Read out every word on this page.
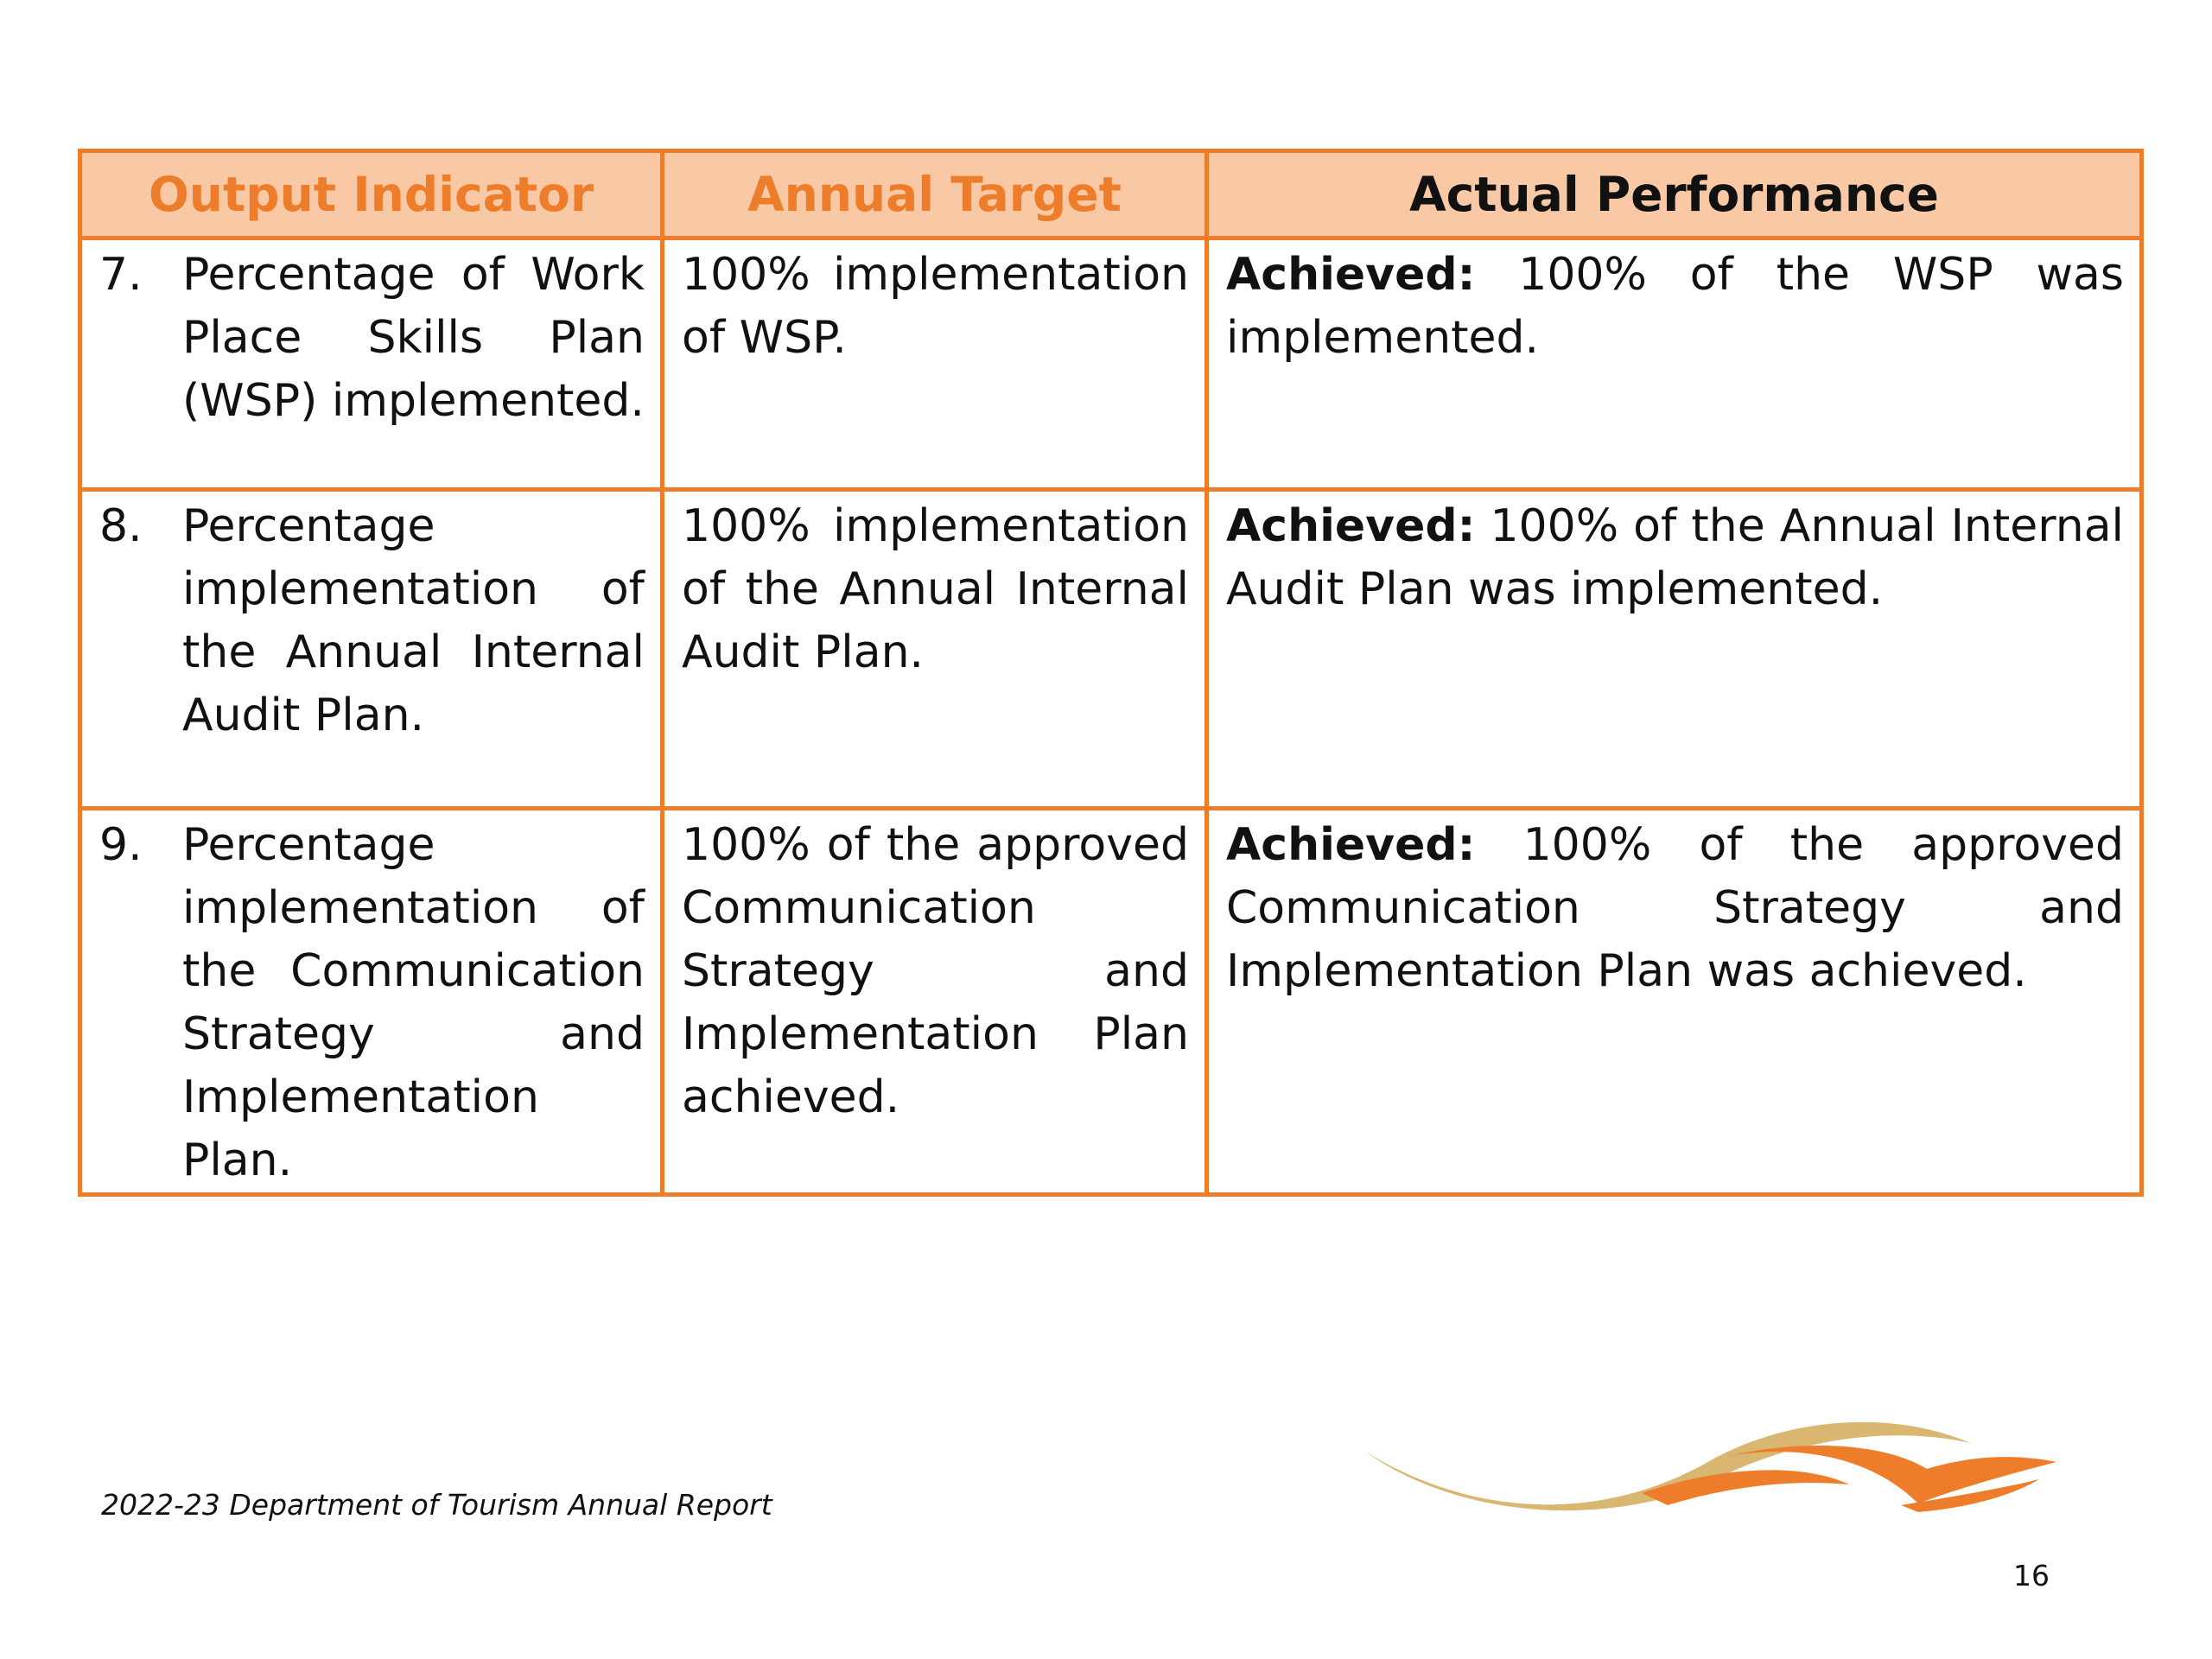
Output Indicator	Annual Target	Actual Performance

7. Percentage of Work Place Skills Plan (WSP) implemented.	100% implementation of WSP.	Achieved: 100% of the WSP was implemented.

8. Percentage implementation of the Annual Internal Audit Plan.	100% implementation of the Annual Internal Audit Plan.	Achieved: 100% of the Annual Internal Audit Plan was implemented.

9. Percentage implementation of the Communication Strategy and Implementation Plan.	100% of the approved Communication Strategy and Implementation Plan achieved.	Achieved: 100% of the approved Communication Strategy and Implementation Plan was achieved.
2022-23 Department of Tourism Annual Report
16
